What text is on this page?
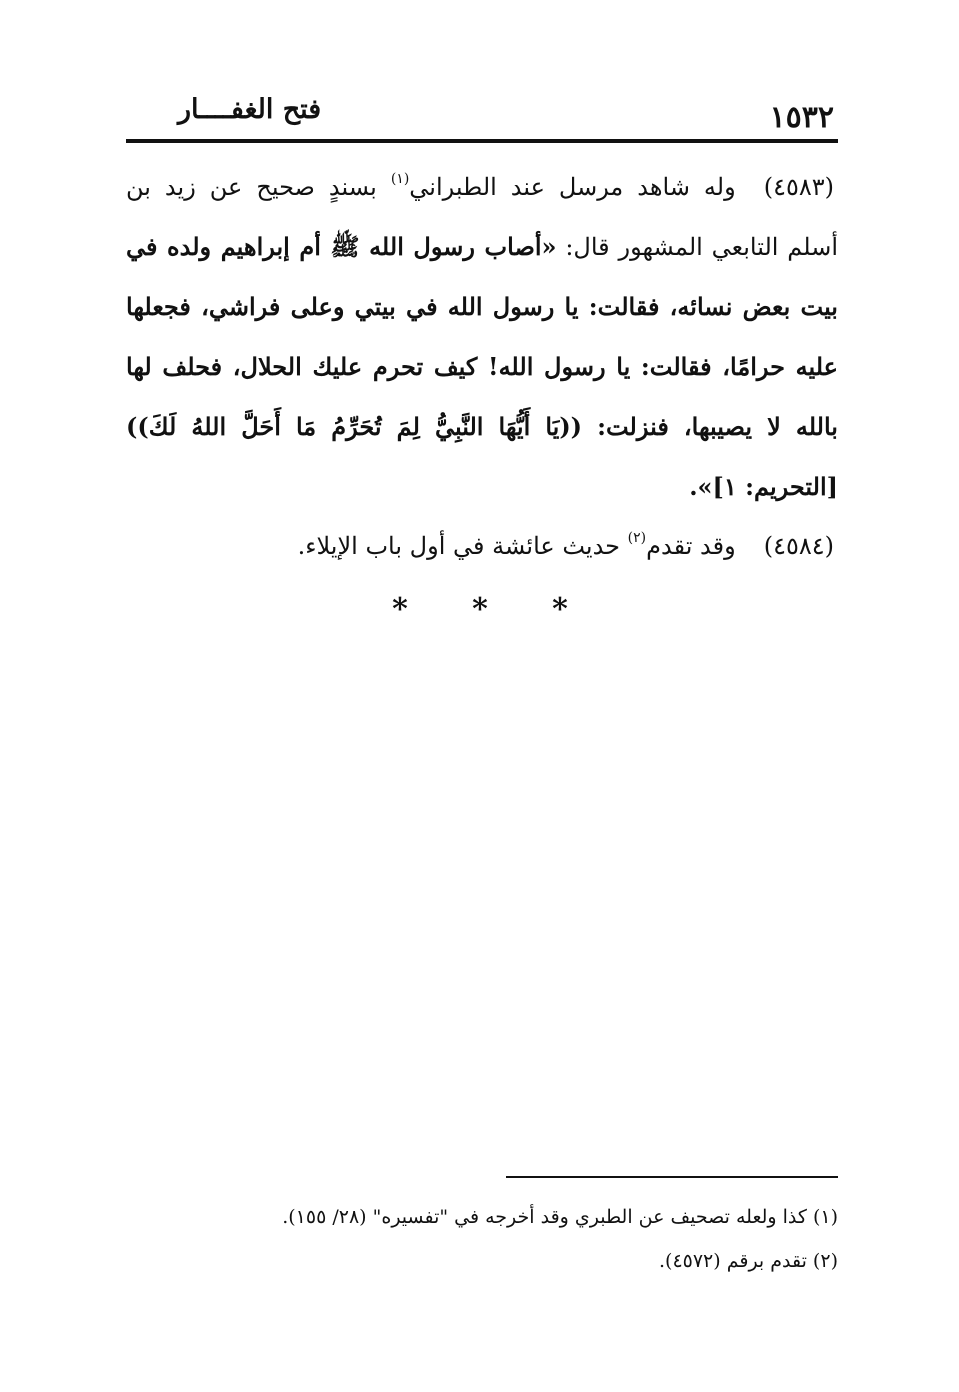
١٥٣٢
فتح الغفــــار

(٤٥٨٣)وله شاهد مرسل عند الطبراني$^{(١)}$ بسندٍ صحيح عن زيد بن أسلم التابعي المشهور قال: «أصاب رسول الله ﷺ أم إبراهيم ولده في بيت بعض نسائه، فقالت: يا رسول الله في بيتي وعلى فراشي، فجعلها عليه حرامًا، فقالت: يا رسول الله! كيف تحرم عليك الحلال، فحلف لها بالله لا يصيبها، فنزلت: ((يَا أَيُّهَا النَّبِيُّ لِمَ تُحَرِّمُ مَا أَحَلَّ اللهُ لَكَ)) [التحريم: ١]».

(٤٥٨٤)وقد تقدم$^{(٢)}$ حديث عائشة في أول باب الإيلاء.

*
*
*

(١) كذا ولعله تصحيف عن الطبري وقد أخرجه في "تفسيره" (٢٨/ ١٥٥).

(٢) تقدم برقم (٤٥٧٢).
